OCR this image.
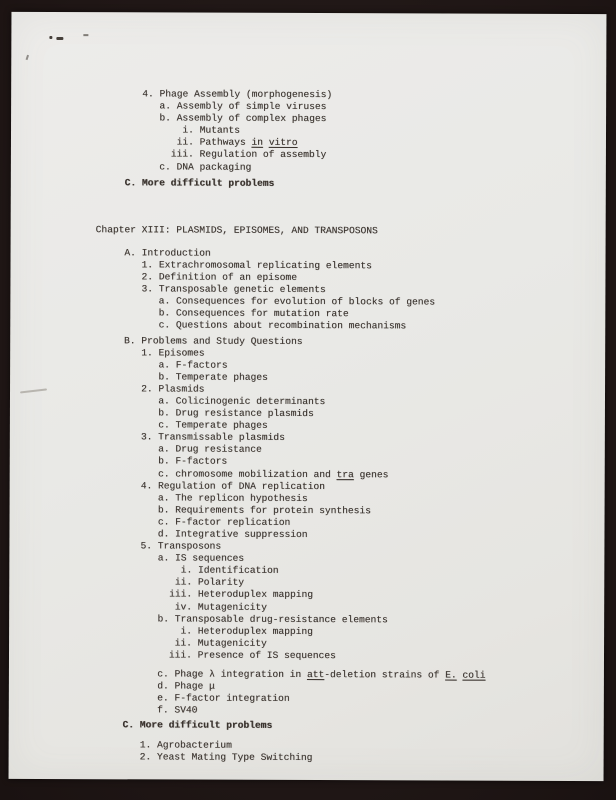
4. Phage Assembly (morphogenesis)
a. Assembly of simple viruses
b. Assembly of complex phages
i. Mutants
ii. Pathways in vitro
iii. Regulation of assembly
c. DNA packaging
C. More difficult problems
Chapter XIII: PLASMIDS, EPISOMES, AND TRANSPOSONS
A. Introduction
1. Extrachromosomal replicating elements
2. Definition of an episome
3. Transposable genetic elements
a. Consequences for evolution of blocks of genes
b. Consequences for mutation rate
c. Questions about recombination mechanisms
B. Problems and Study Questions
1. Episomes
a. F-factors
b. Temperate phages
2. Plasmids
a. Colicinogenic determinants
b. Drug resistance plasmids
c. Temperate phages
3. Transmissable plasmids
a. Drug resistance
b. F-factors
c. chromosome mobilization and tra genes
4. Regulation of DNA replication
a. The replicon hypothesis
b. Requirements for protein synthesis
c. F-factor replication
d. Integrative suppression
5. Transposons
a. IS sequences
i. Identification
ii. Polarity
iii. Heteroduplex mapping
iv. Mutagenicity
b. Transposable drug-resistance elements
i. Heteroduplex mapping
ii. Mutagenicity
iii. Presence of IS sequences
c. Phage λ integration in att-deletion strains of E. coli
d. Phage μ
e. F-factor integration
f. SV40
C. More difficult problems
1. Agrobacterium
2. Yeast Mating Type Switching
